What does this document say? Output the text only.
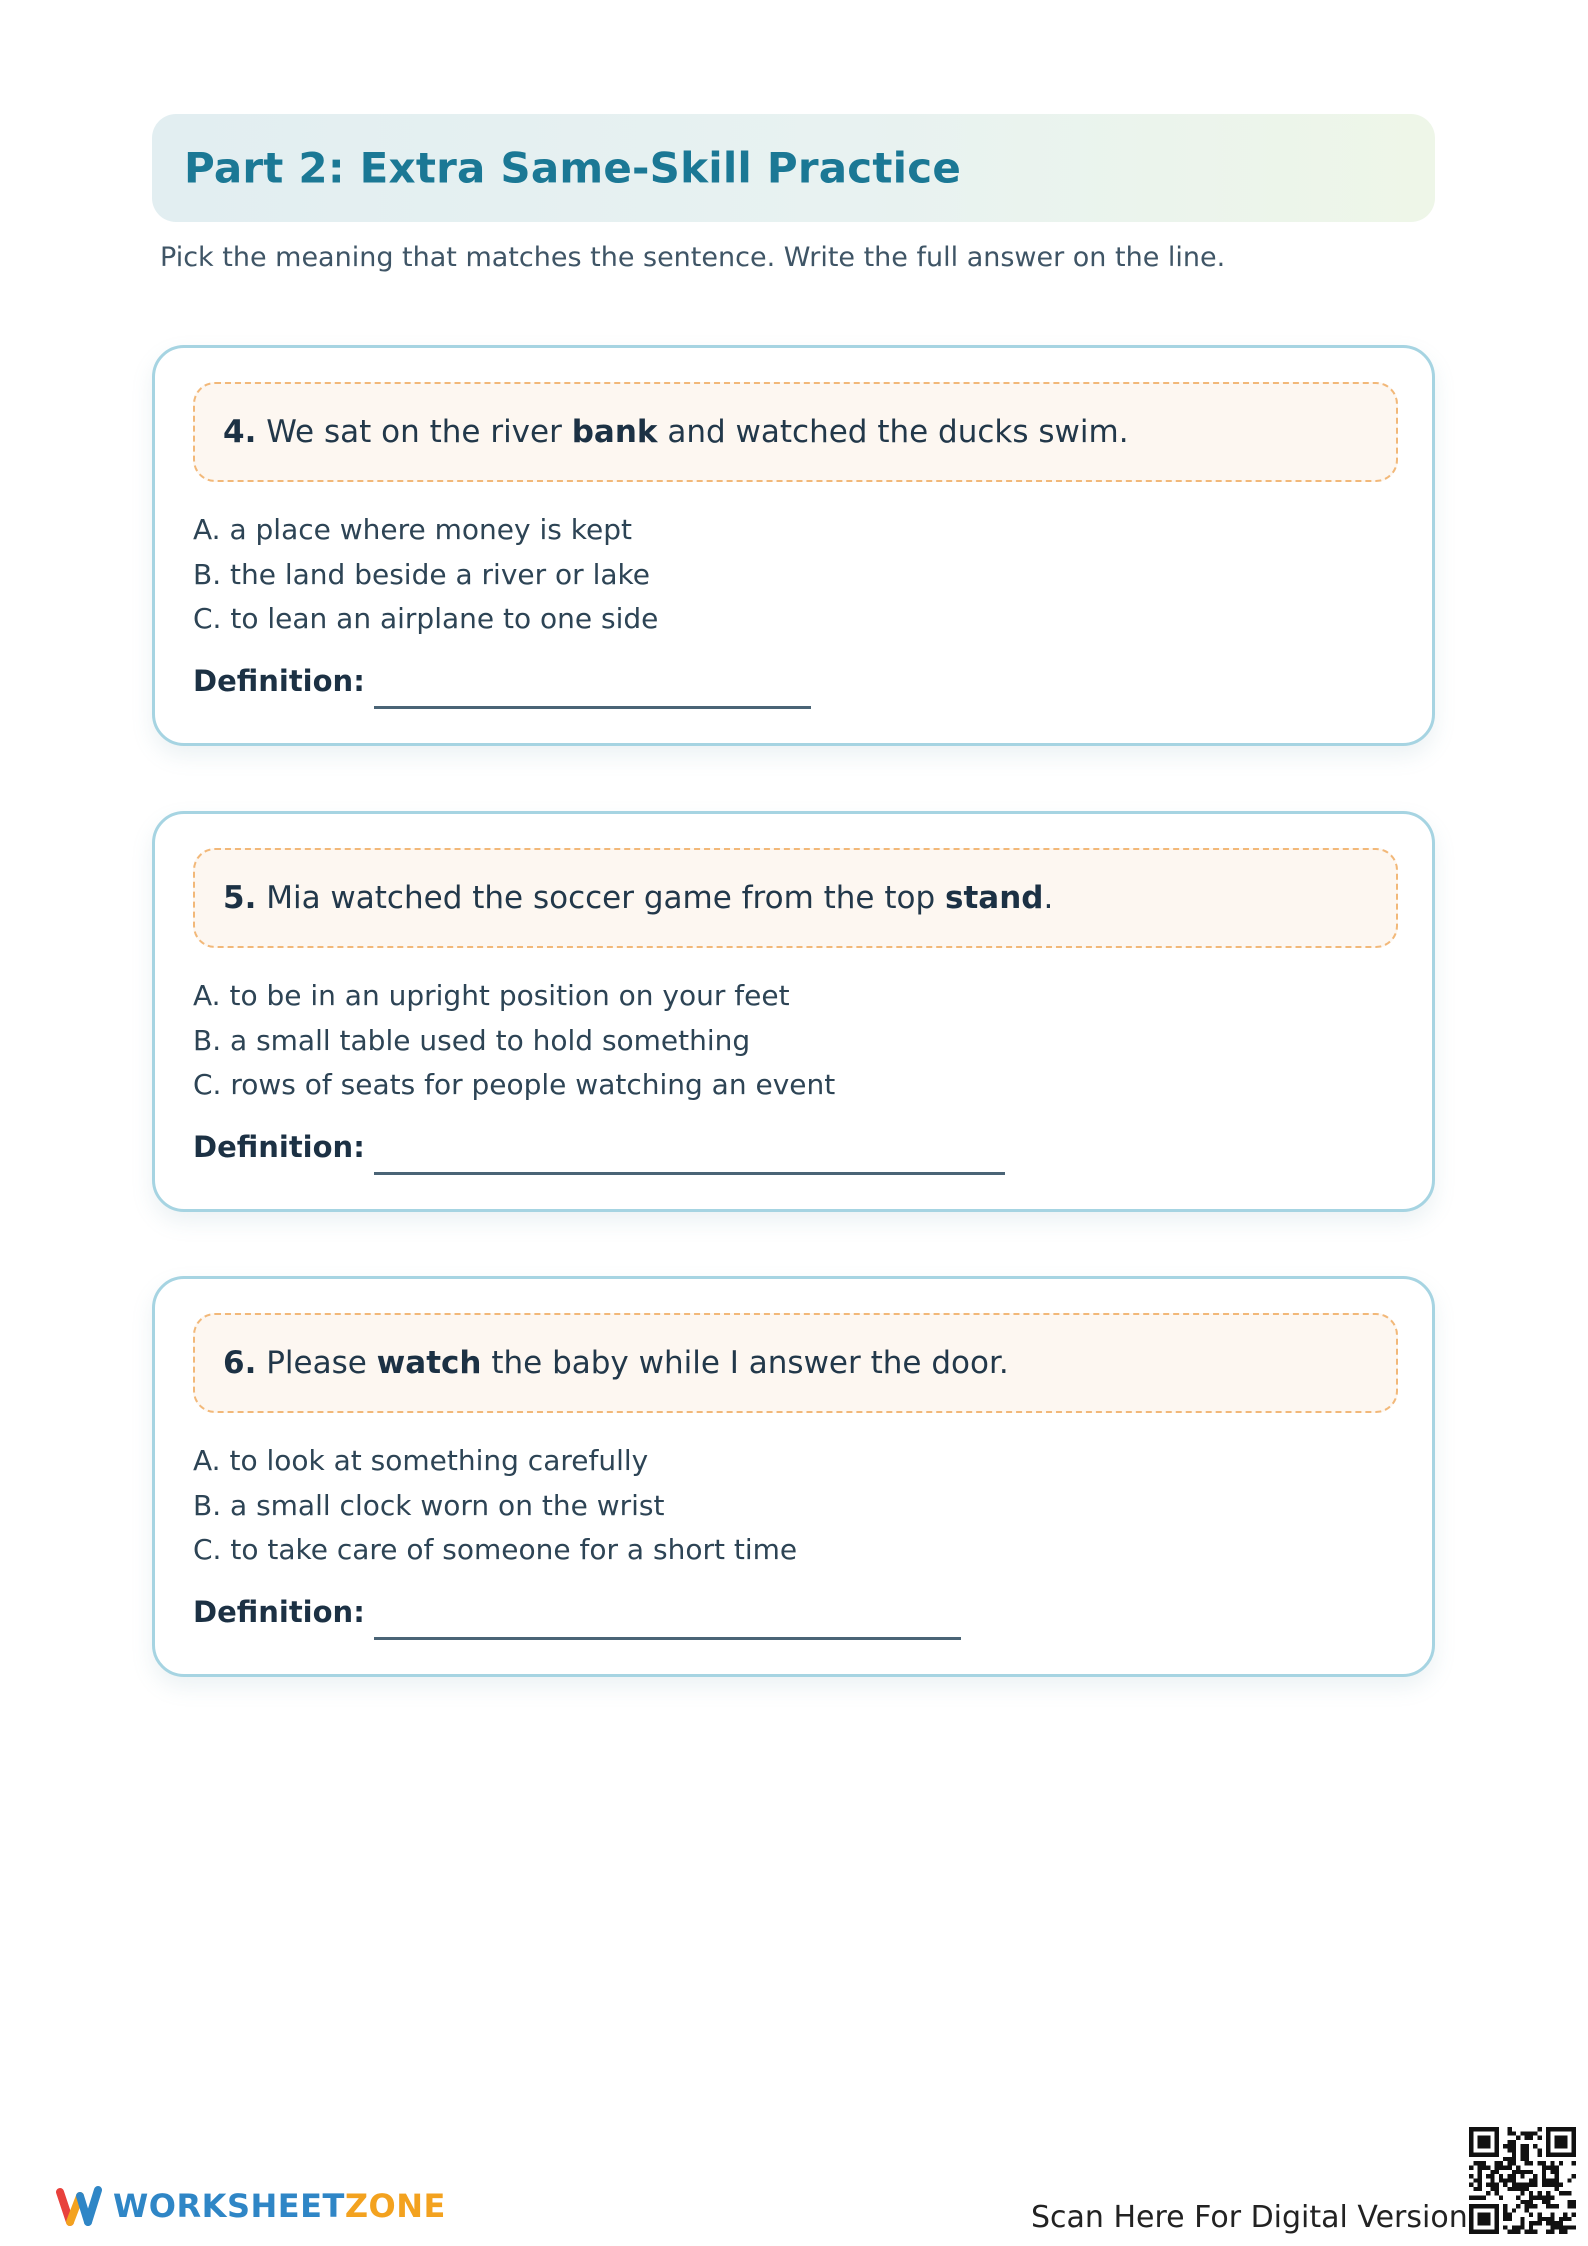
Part 2: Extra Same-Skill Practice

Pick the meaning that matches the sentence. Write the full answer on the line.

4. We sat on the river bank and watched the ducks swim.
A. a place where money is kept
B. the land beside a river or lake
C. to lean an airplane to one side
Definition:
5. Mia watched the soccer game from the top stand.
A. to be in an upright position on your feet
B. a small table used to hold something
C. rows of seats for people watching an event
Definition:
6. Please watch the baby while I answer the door.
A. to look at something carefully
B. a small clock worn on the wrist
C. to take care of someone for a short time
Definition:
WORKSHEETZONE	Scan Here For Digital Version
